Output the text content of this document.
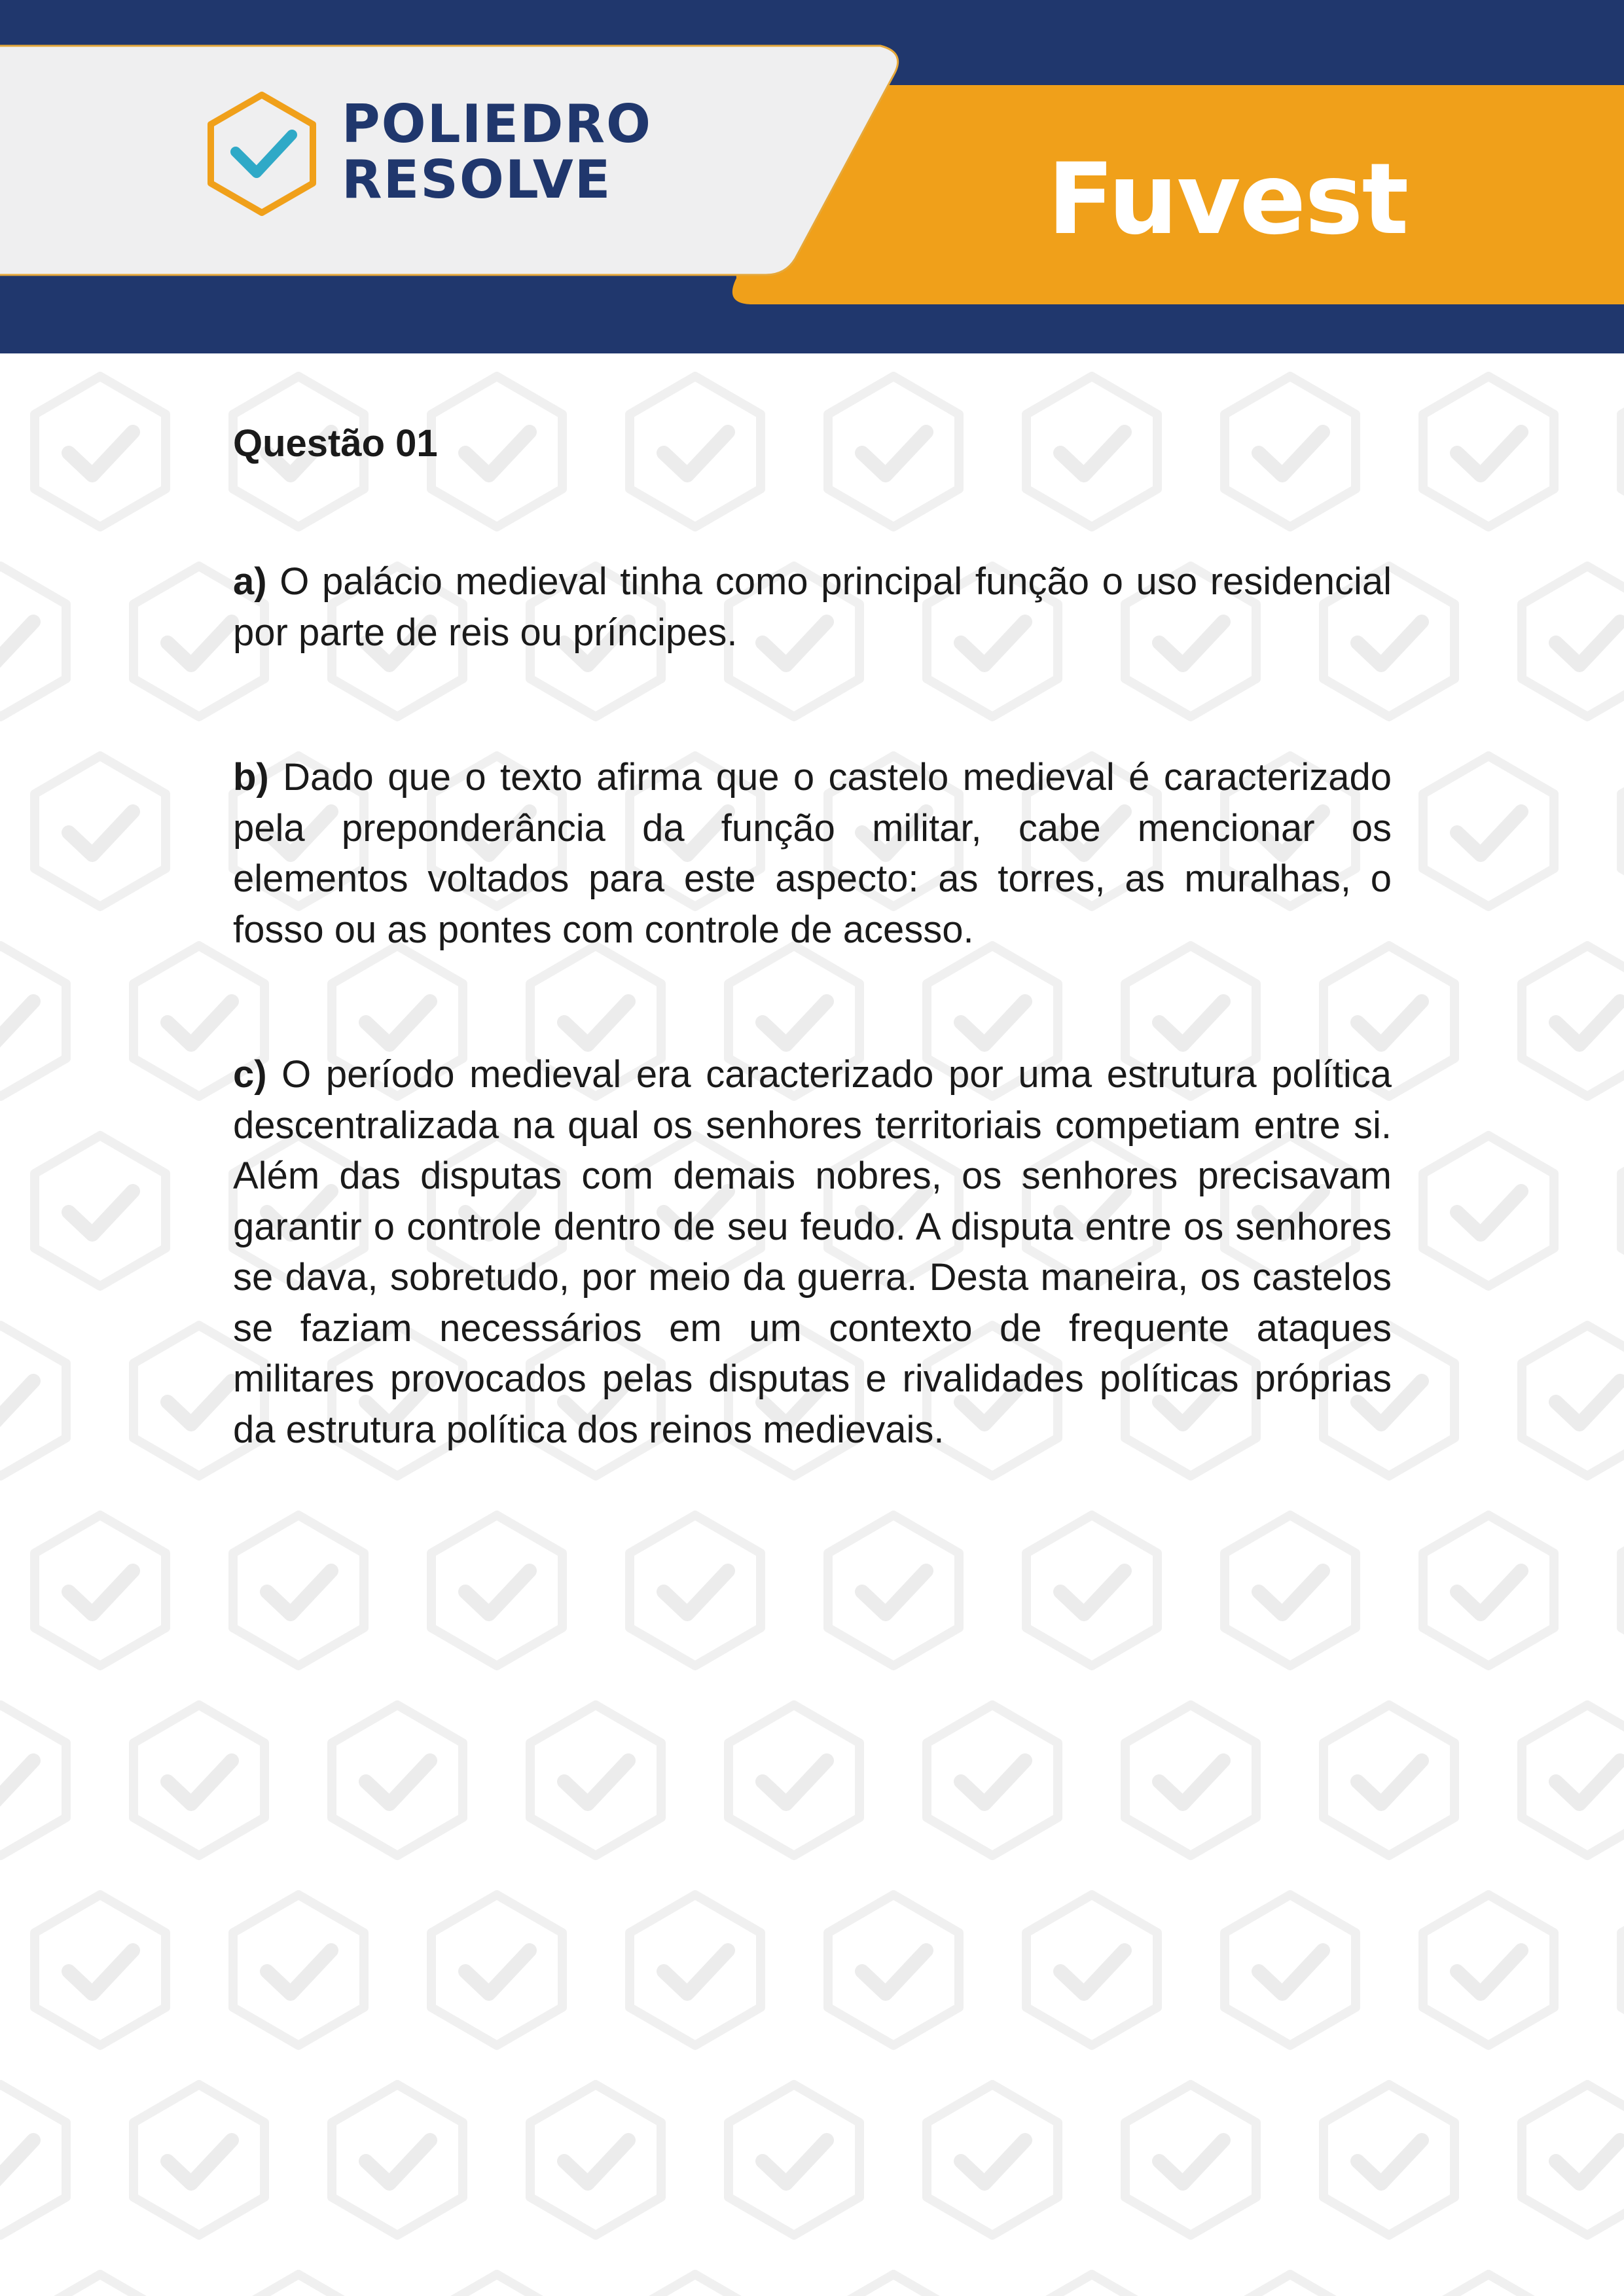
POLIEDRO
RESOLVE	Fuvest
Questão 01

a) O palácio medieval tinha como principal função o uso residencial por parte de reis ou príncipes.

b) Dado que o texto afirma que o castelo medieval é caracterizado pela preponderância da função militar, cabe mencionar os elementos voltados para este aspecto: as torres, as muralhas, o fosso ou as pontes com controle de acesso.

c) O período medieval era caracterizado por uma estrutura política descentralizada na qual os senhores territoriais competiam entre si. Além das disputas com demais nobres, os senhores precisavam garantir o controle dentro de seu feudo. A disputa entre os senhores se dava, sobretudo, por meio da guerra. Desta maneira, os castelos se faziam necessários em um contexto de frequente ataques militares provocados pelas disputas e rivalidades políticas próprias da estrutura política dos reinos medievais.
